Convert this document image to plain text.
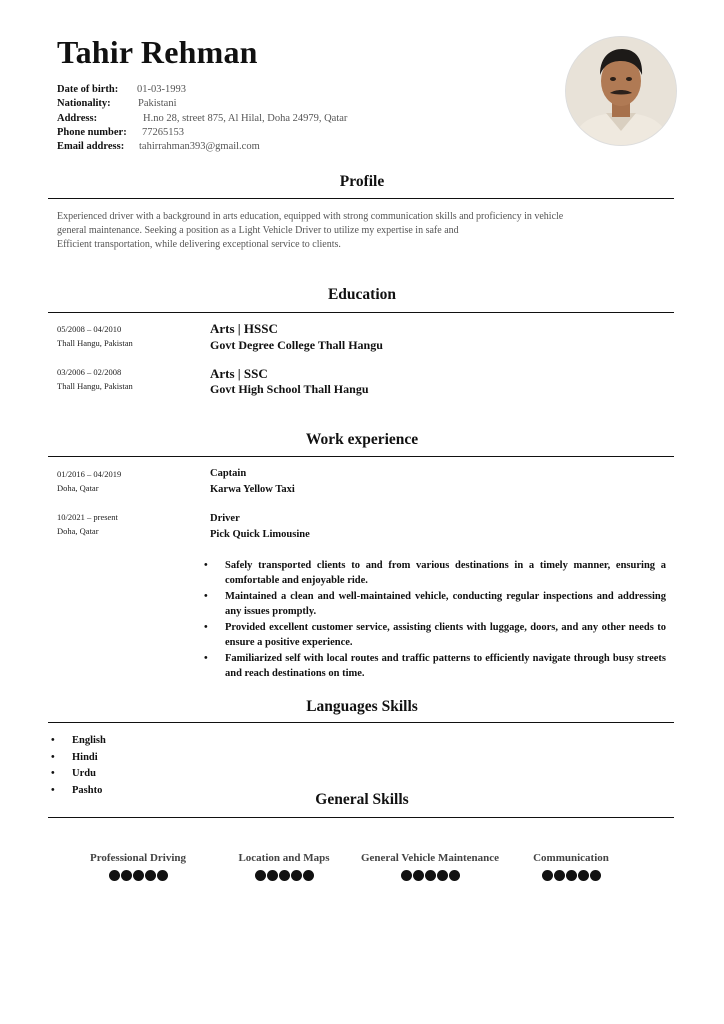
Tahir Rehman
Date of birth: 01-03-1993
Nationality:	Pakistani
Address:	H.no 28, street 875, Al Hilal, Doha 24979, Qatar
Phone number: 77265153
Email address: tahirrahman393@gmail.com
Profile
Experienced driver with a background in arts education, equipped with strong communication skills and proficiency in vehicle
general maintenance. Seeking a position as a Light Vehicle Driver to utilize my expertise in safe and
Efficient transportation, while delivering exceptional service to clients.
Education
05/2008 – 04/2010
Thall Hangu, Pakistan
Arts | HSSC
Govt Degree College Thall Hangu
03/2006 – 02/2008
Thall Hangu, Pakistan
Arts | SSC
Govt High School Thall Hangu
Work experience
01/2016 – 04/2019
Doha, Qatar
Captain
Karwa Yellow Taxi
10/2021 – present
Doha, Qatar
Driver
Pick Quick Limousine
• Safely transported clients to and from various destinations in a timely manner, ensuring a comfortable and enjoyable ride.
• Maintained a clean and well-maintained vehicle, conducting regular inspections and addressing any issues promptly.
• Provided excellent customer service, assisting clients with luggage, doors, and any other needs to ensure a positive experience.
• Familiarized self with local routes and traffic patterns to efficiently navigate through busy streets and reach destinations on time.
Languages Skills
• English
• Hindi
• Urdu
• Pashto
General Skills
Professional Driving	Location and Maps	General Vehicle Maintenance	Communication
